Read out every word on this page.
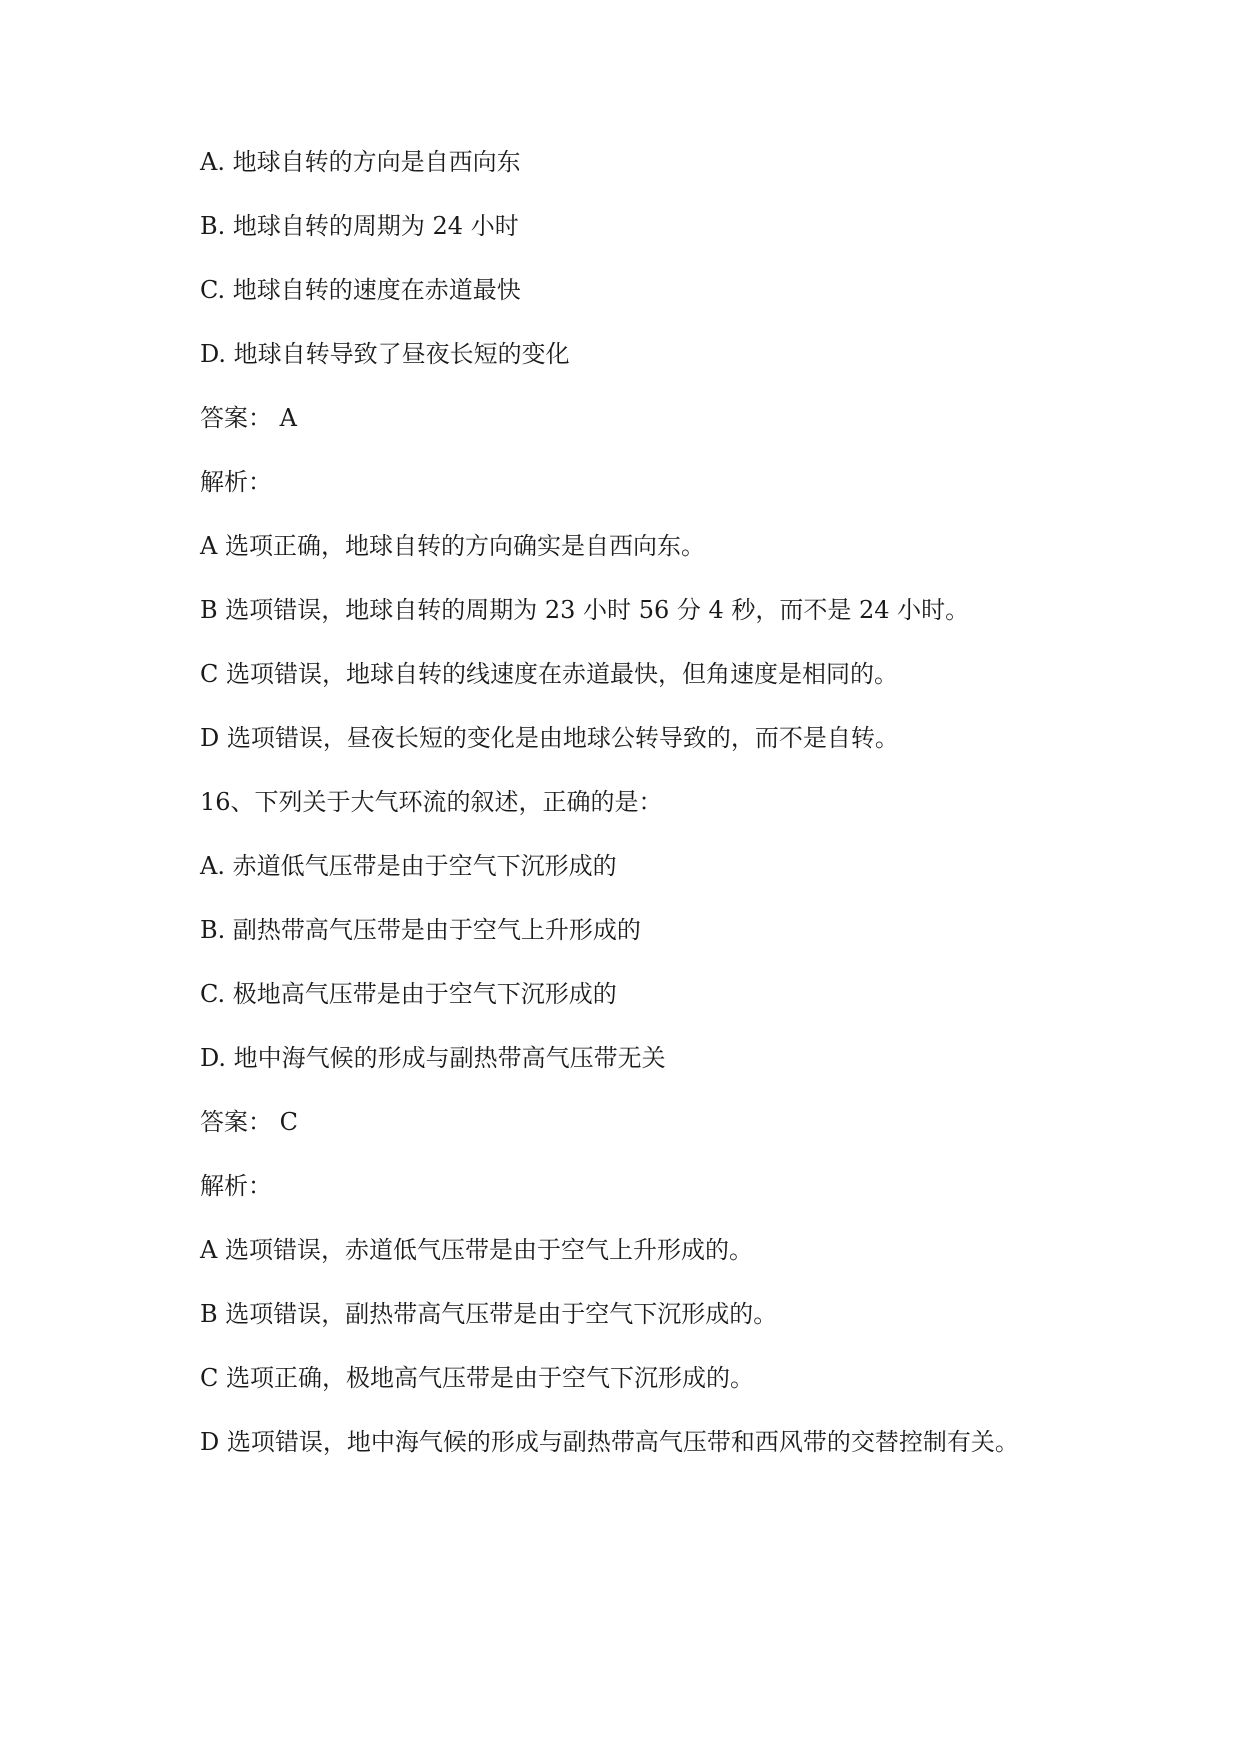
A. 地球自转的方向是自西向东
B. 地球自转的周期为 24 小时
C. 地球自转的速度在赤道最快
D. 地球自转导致了昼夜长短的变化
答案： A
解析：
A 选项正确，地球自转的方向确实是自西向东。
B 选项错误，地球自转的周期为 23 小时 56 分 4 秒，而不是 24 小时。
C 选项错误，地球自转的线速度在赤道最快，但角速度是相同的。
D 选项错误，昼夜长短的变化是由地球公转导致的，而不是自转。
16、下列关于大气环流的叙述，正确的是：
A. 赤道低气压带是由于空气下沉形成的
B. 副热带高气压带是由于空气上升形成的
C. 极地高气压带是由于空气下沉形成的
D. 地中海气候的形成与副热带高气压带无关
答案： C
解析：
A 选项错误，赤道低气压带是由于空气上升形成的。
B 选项错误，副热带高气压带是由于空气下沉形成的。
C 选项正确，极地高气压带是由于空气下沉形成的。
D 选项错误，地中海气候的形成与副热带高气压带和西风带的交替控制有关。
